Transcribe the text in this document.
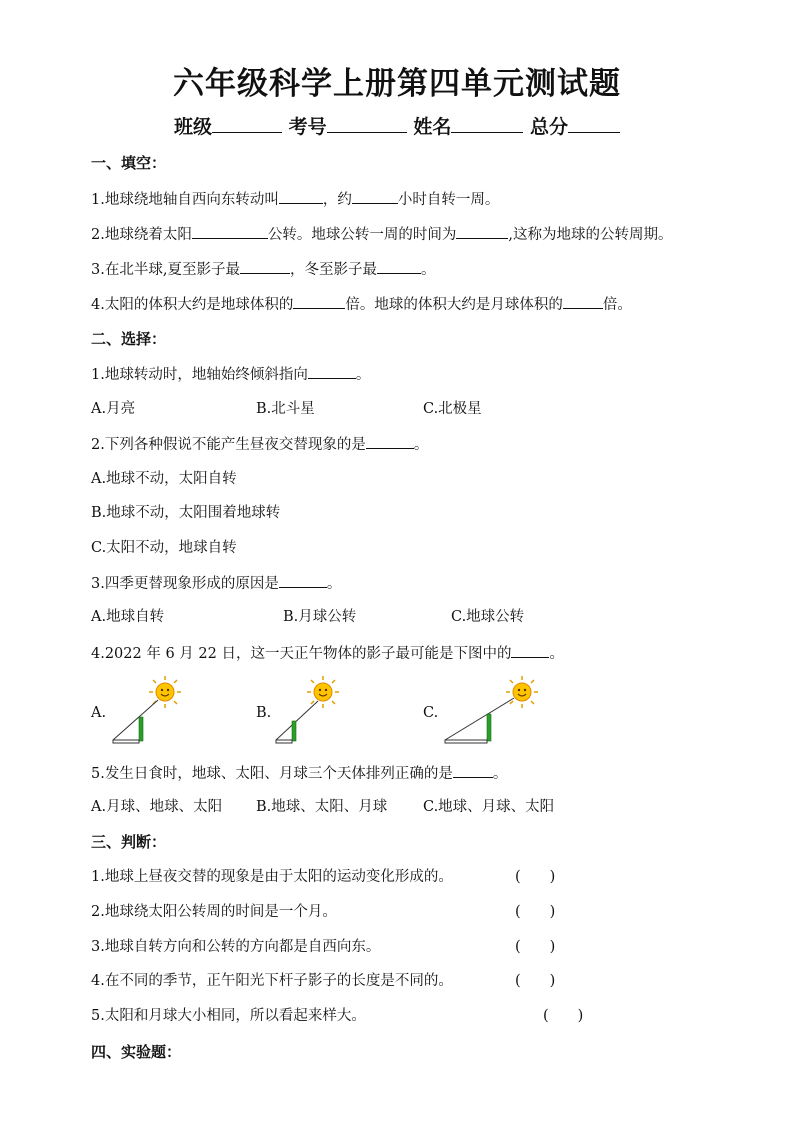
六年级科学上册第四单元测试题
班级	考号	姓名	总分
一、填空：
1.地球绕地轴自西向东转动叫	，约	小时自转一周。
2.地球绕着太阳	公转。地球公转一周的时间为	,这称为地球的公转周期。
3.在北半球,夏至影子最	，冬至影子最	。
4.太阳的体积大约是地球体积的	倍。地球的体积大约是月球体积的	倍。
二、选择：
1.地球转动时，地轴始终倾斜指向	。
A.月亮	B.北斗星	C.北极星
2.下列各种假说不能产生昼夜交替现象的是	。
A.地球不动，太阳自转
B.地球不动，太阳围着地球转
C.太阳不动，地球自转
3.四季更替现象形成的原因是	。
A.地球自转	B.月球公转	C.地球公转
4.2022 年 6 月 22 日，这一天正午物体的影子最可能是下图中的	。
A.	B.	C.
5.发生日食时，地球、太阳、月球三个天体排列正确的是	。
A.月球、地球、太阳 B.地球、太阳、月球 C.地球、月球、太阳
三、判断：
1.地球上昼夜交替的现象是由于太阳的运动变化形成的。	(  )
2.地球绕太阳公转周的时间是一个月。	(  )
3.地球自转方向和公转的方向都是自西向东。	(  )
4.在不同的季节，正午阳光下杆子影子的长度是不同的。	(  )
5.太阳和月球大小相同，所以看起来样大。	(  )
四、实验题：
